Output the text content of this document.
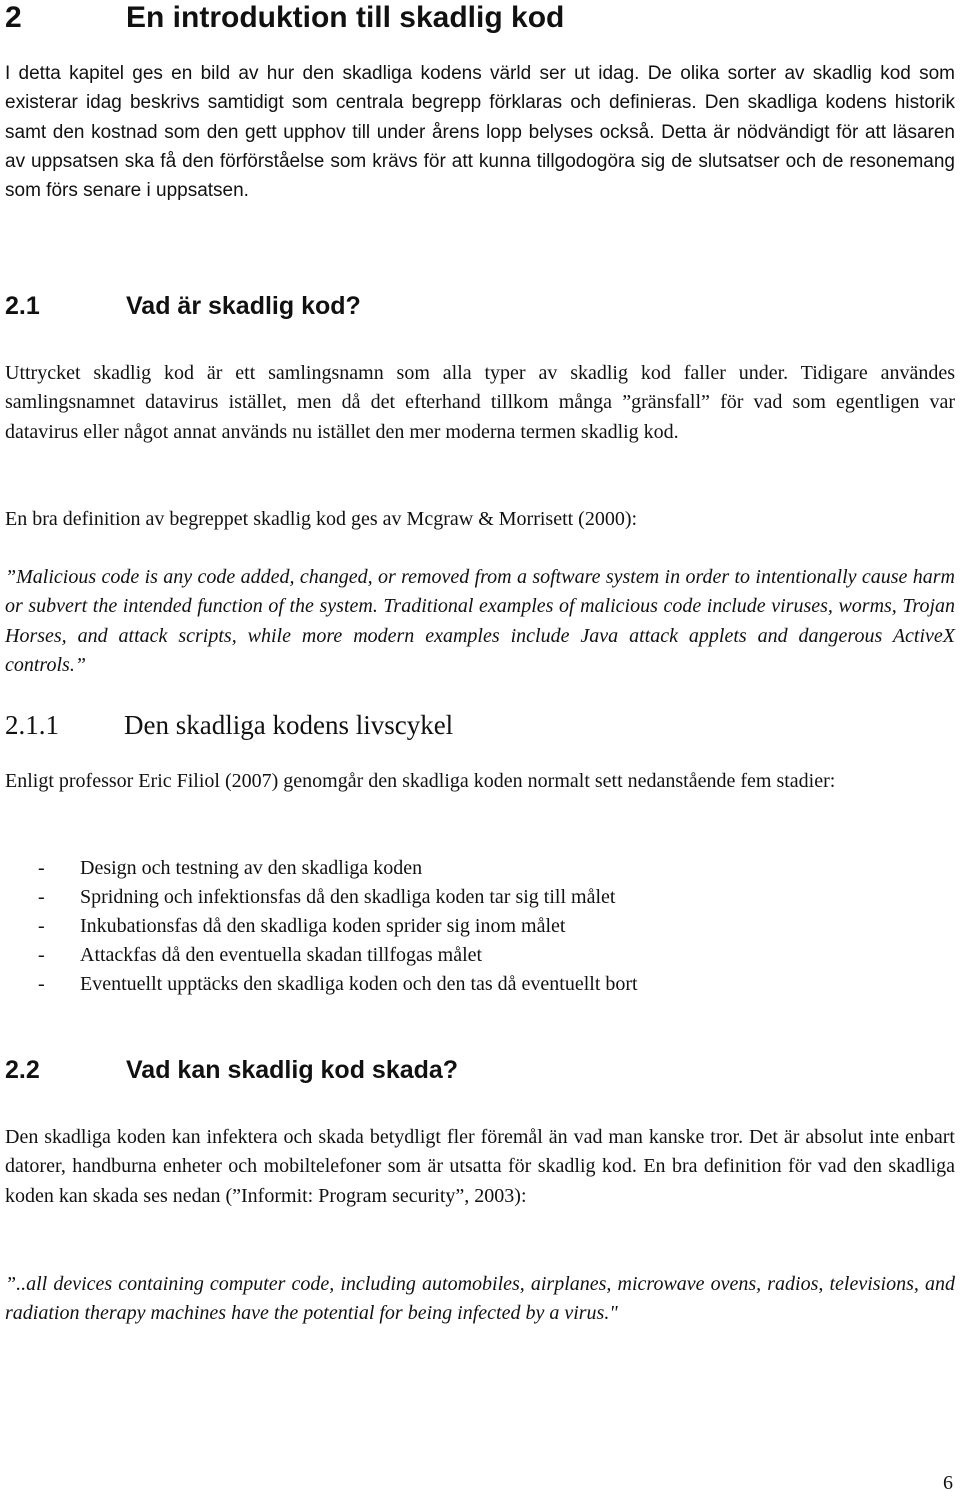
2	En introduktion till skadlig kod

I detta kapitel ges en bild av hur den skadliga kodens värld ser ut idag. De olika sorter av skadlig kod som existerar idag beskrivs samtidigt som centrala begrepp förklaras och definieras. Den skadliga kodens historik samt den kostnad som den gett upphov till under årens lopp belyses också. Detta är nödvändigt för att läsaren av uppsatsen ska få den förförståelse som krävs för att kunna tillgodogöra sig de slutsatser och de resonemang som förs senare i uppsatsen.

2.1	Vad är skadlig kod?

Uttrycket skadlig kod är ett samlingsnamn som alla typer av skadlig kod faller under. Tidigare användes samlingsnamnet datavirus istället, men då det efterhand tillkom många ”gränsfall” för vad som egentligen var datavirus eller något annat används nu istället den mer moderna termen skadlig kod.

En bra definition av begreppet skadlig kod ges av Mcgraw & Morrisett (2000):

”Malicious code is any code added, changed, or removed from a software system in order to intentionally cause harm or subvert the intended function of the system. Traditional examples of malicious code include viruses, worms, Trojan Horses, and attack scripts, while more modern examples include Java attack applets and dangerous ActiveX controls.”

2.1.1 Den skadliga kodens livscykel

Enligt professor Eric Filiol (2007) genomgår den skadliga koden normalt sett nedanstående fem stadier:

- Design och testning av den skadliga koden
- Spridning och infektionsfas då den skadliga koden tar sig till målet
- Inkubationsfas då den skadliga koden sprider sig inom målet
- Attackfas då den eventuella skadan tillfogas målet
- Eventuellt upptäcks den skadliga koden och den tas då eventuellt bort
2.2	Vad kan skadlig kod skada?

Den skadliga koden kan infektera och skada betydligt fler föremål än vad man kanske tror. Det är absolut inte enbart datorer, handburna enheter och mobiltelefoner som är utsatta för skadlig kod. En bra definition för vad den skadliga koden kan skada ses nedan (”Informit: Program security”, 2003):

”..all devices containing computer code, including automobiles, airplanes, microwave ovens, radios, televisions, and radiation therapy machines have the potential for being infected by a virus."

6
